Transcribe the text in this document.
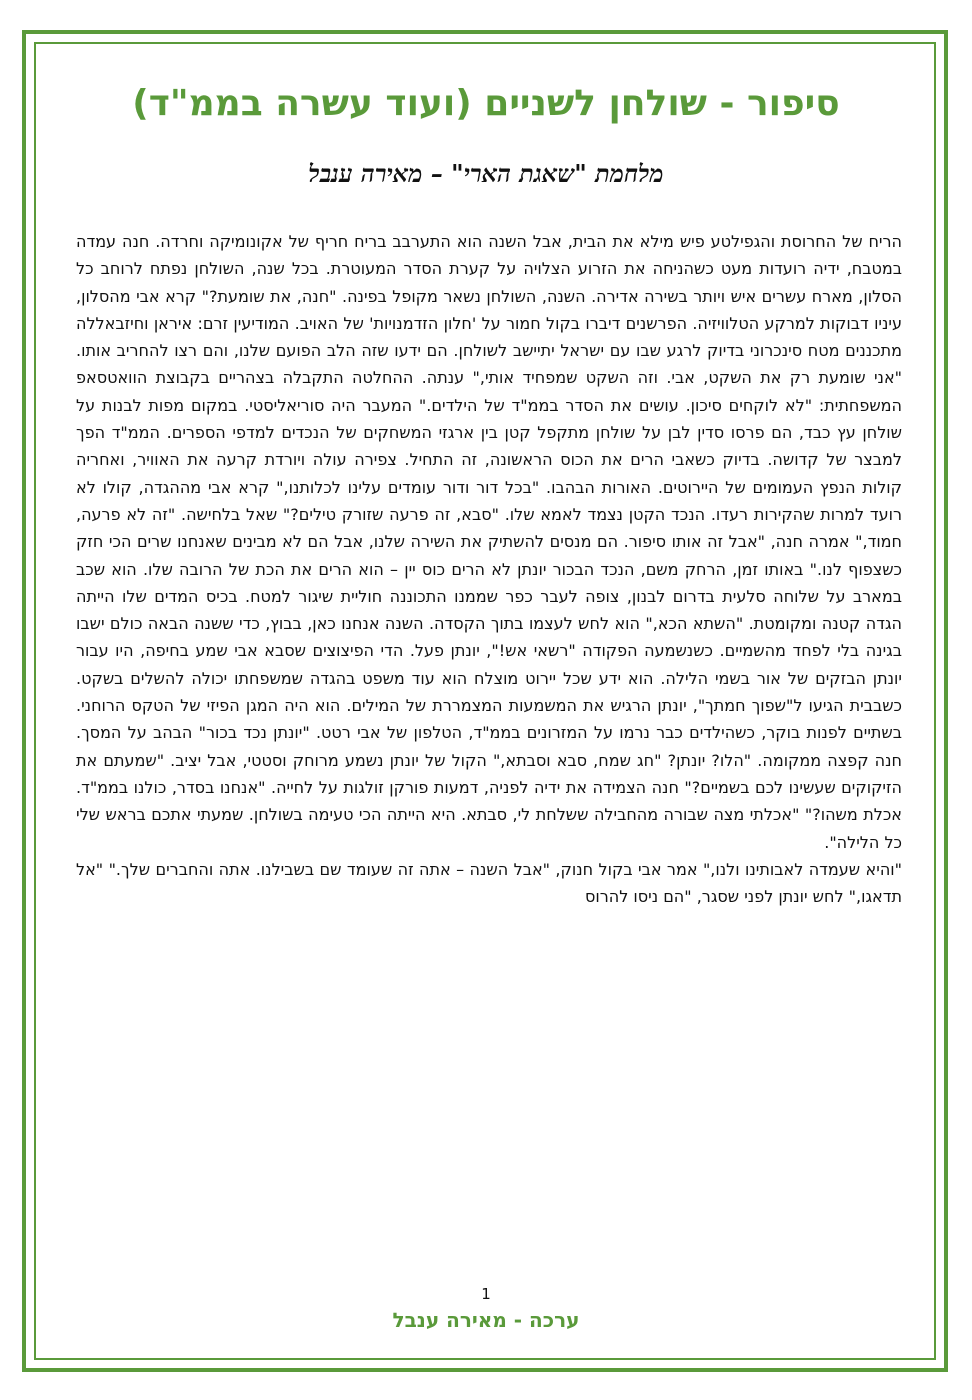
סיפור - שולחן לשניים (ועוד עשרה בממ"ד)
מלחמת "שאגת הארי" – מאירה ענבל

הריח של החרוסת והגפילטע פיש מילא את הבית, אבל השנה הוא התערבב בריח חריף של אקונומיקה וחרדה. חנה עמדה במטבח, ידיה רועדות מעט כשהניחה את הזרוע הצלויה על קערת הסדר המעוטרת. בכל שנה, השולחן נפתח לרוחב כל הסלון, מארח עשרים איש ויותר בשירה אדירה. השנה, השולחן נשאר מקופל בפינה. "חנה, את שומעת?" קרא אבי מהסלון, עיניו דבוקות למרקע הטלוויזיה. הפרשנים דיברו בקול חמור על 'חלון הזדמנויות' של האויב. המודיעין זרם: איראן וחיזבאללה מתכננים מטח סינכרוני בדיוק לרגע שבו עם ישראל יתיישב לשולחן. הם ידעו שזה הלב הפועם שלנו, והם רצו להחריב אותו. "אני שומעת רק את השקט, אבי. וזה השקט שמפחיד אותי," ענתה. ההחלטה התקבלה בצהריים בקבוצת הוואטסאפ המשפחתית: "לא לוקחים סיכון. עושים את הסדר בממ"ד של הילדים." המעבר היה סוריאליסטי. במקום מפות לבנות על שולחן עץ כבד, הם פרסו סדין לבן על שולחן מתקפל קטן בין ארגזי המשחקים של הנכדים למדפי הספרים. הממ"ד הפך למבצר של קדושה. בדיוק כשאבי הרים את הכוס הראשונה, זה התחיל. צפירה עולה ויורדת קרעה את האוויר, ואחריה קולות הנפץ העמומים של היירוטים. האורות הבהבו. "בכל דור ודור עומדים עלינו לכלותנו," קרא אבי מההגדה, קולו לא רועד למרות שהקירות רעדו. הנכד הקטן נצמד לאמא שלו. "סבא, זה פרעה שזורק טילים?" שאל בלחישה. "זה לא פרעה, חמוד," אמרה חנה, "אבל זה אותו סיפור. הם מנסים להשתיק את השירה שלנו, אבל הם לא מבינים שאנחנו שרים הכי חזק כשצפוף לנו." באותו זמן, הרחק משם, הנכד הבכור יונתן לא הרים כוס יין – הוא הרים את הכת של הרובה שלו. הוא שכב במארב על שלוחה סלעית בדרום לבנון, צופה לעבר כפר שממנו התכוננה חוליית שיגור למטח. בכיס המדים שלו הייתה הגדה קטנה ומקומטת. "השתא הכא," הוא לחש לעצמו בתוך הקסדה. השנה אנחנו כאן, בבוץ, כדי ששנה הבאה כולם ישבו בגינה בלי לפחד מהשמיים. כשנשמעה הפקודה "רשאי אש!", יונתן פעל. הדי הפיצוצים שסבא אבי שמע בחיפה, היו עבור יונתן הבזקים של אור בשמי הלילה. הוא ידע שכל יירוט מוצלח הוא עוד משפט בהגדה שמשפחתו יכולה להשלים בשקט. כשבבית הגיעו ל"שפוך חמתך", יונתן הרגיש את המשמעות המצמררת של המילים. הוא היה המגן הפיזי של הטקס הרוחני. בשתיים לפנות בוקר, כשהילדים כבר נרמו על המזרונים בממ"ד, הטלפון של אבי רטט. "יונתן נכד בכור" הבהב על המסך. חנה קפצה ממקומה. "הלו? יונתן? "חג שמח, סבא וסבתא," הקול של יונתן נשמע מרוחק וסטטי, אבל יציב. "שמעתם את הזיקוקים שעשינו לכם בשמיים?" חנה הצמידה את ידיה לפניה, דמעות פורקן זולגות על לחייה. "אנחנו בסדר, כולנו בממ"ד. אכלת משהו?" "אכלתי מצה שבורה מהחבילה ששלחת לי, סבתא. היא הייתה הכי טעימה בשולחן. שמעתי אתכם בראש שלי כל הלילה".

"והיא שעמדה לאבותינו ולנו," אמר אבי בקול חנוק, "אבל השנה – אתה זה שעומד שם בשבילנו. אתה והחברים שלך." "אל תדאגו," לחש יונתן לפני שסגר, "הם ניסו להרוס

1
ערכה - מאירה ענבל
